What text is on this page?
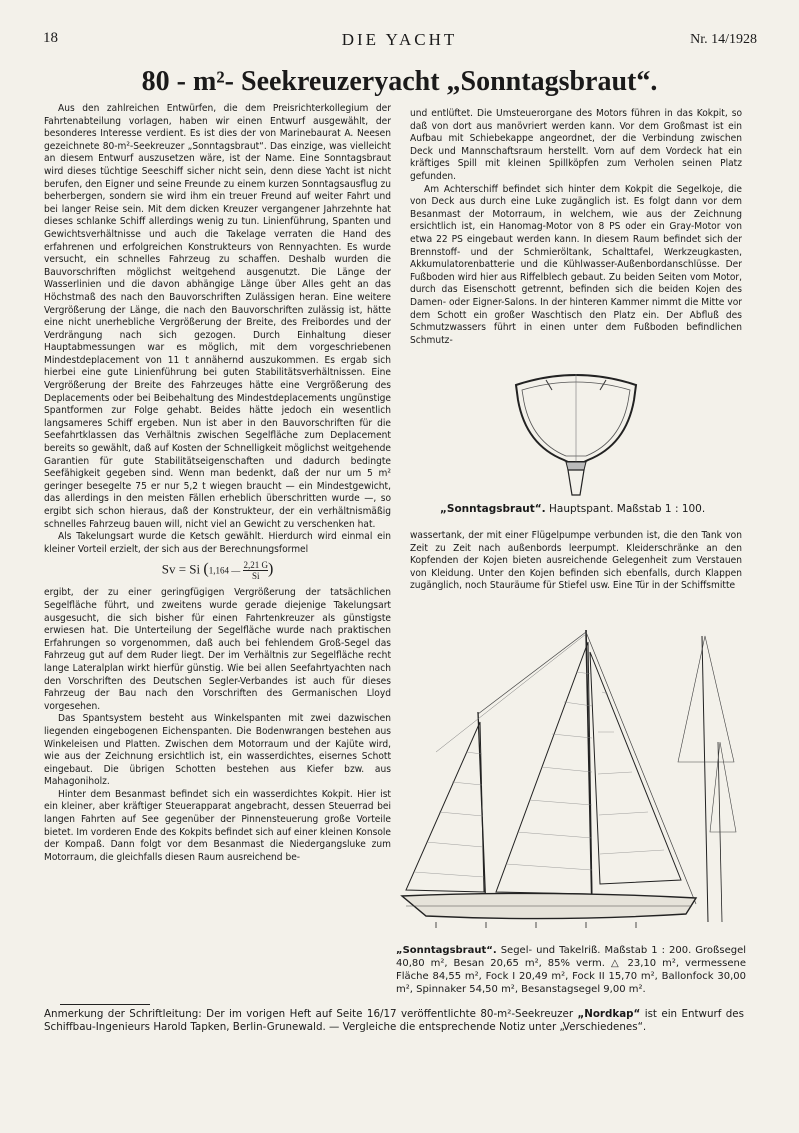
18	DIE YACHT	Nr. 14/1928
80 - m²- Seekreuzeryacht „Sonntagsbraut“.

Aus den zahlreichen Entwürfen, die dem Preisrichterkollegium der Fahrtenabteilung vorlagen, haben wir einen Entwurf ausgewählt, der besonderes Interesse verdient. Es ist dies der von Marinebaurat A. Neesen gezeichnete 80-m²-Seekreuzer „Sonntagsbraut“. Das einzige, was vielleicht an diesem Entwurf auszusetzen wäre, ist der Name. Eine Sonntagsbraut wird dieses tüchtige Seeschiff sicher nicht sein, denn diese Yacht ist nicht berufen, den Eigner und seine Freunde zu einem kurzen Sonntagsausflug zu beherbergen, sondern sie wird ihm ein treuer Freund auf weiter Fahrt und bei langer Reise sein. Mit dem dicken Kreuzer vergangener Jahrzehnte hat dieses schlanke Schiff allerdings wenig zu tun. Linienführung, Spanten und Gewichtsverhältnisse und auch die Takelage verraten die Hand des erfahrenen und erfolgreichen Konstrukteurs von Rennyachten. Es wurde versucht, ein schnelles Fahrzeug zu schaffen. Deshalb wurden die Bauvorschriften möglichst weitgehend ausgenutzt. Die Länge der Wasserlinien und die davon abhängige Länge über Alles geht an das Höchstmaß des nach den Bauvorschriften Zulässigen heran. Eine weitere Vergrößerung der Länge, die nach den Bauvorschriften zulässig ist, hätte eine nicht unerhebliche Vergrößerung der Breite, des Freibordes und der Verdrängung nach sich gezogen. Durch Einhaltung dieser Hauptabmessungen war es möglich, mit dem vorgeschriebenen Mindestdeplacement von 11 t annähernd auszukommen. Es ergab sich hierbei eine gute Linienführung bei guten Stabilitätsverhältnissen. Eine Vergrößerung der Breite des Fahrzeuges hätte eine Vergrößerung des Deplacements oder bei Beibehaltung des Mindestdeplacements ungünstige Spantformen zur Folge gehabt. Beides hätte jedoch ein wesentlich langsameres Schiff ergeben. Nun ist aber in den Bauvorschriften für die Seefahrtklassen das Verhältnis zwischen Segelfläche zum Deplacement bereits so gewählt, daß auf Kosten der Schnelligkeit möglichst weitgehende Garantien für gute Stabilitätseigenschaften und dadurch bedingte Seefähigkeit gegeben sind. Wenn man bedenkt, daß der nur um 5 m² geringer besegelte 75 er nur 5,2 t wiegen braucht — ein Mindestgewicht, das allerdings in den meisten Fällen erheblich überschritten wurde —, so ergibt sich schon hieraus, daß der Konstrukteur, der ein verhältnismäßig schnelles Fahrzeug bauen will, nicht viel an Gewicht zu verschenken hat.

Als Takelungsart wurde die Ketsch gewählt. Hierdurch wird einmal ein kleiner Vorteil erzielt, der sich aus der Berechnungsformel

Sv = Si (1,164 — $\frac{2,21 G}{Si}$ )

ergibt, der zu einer geringfügigen Vergrößerung der tatsächlichen Segelfläche führt, und zweitens wurde gerade diejenige Takelungsart ausgesucht, die sich bisher für einen Fahrtenkreuzer als günstigste erwiesen hat. Die Unterteilung der Segelfläche wurde nach praktischen Erfahrungen so vorgenommen, daß auch bei fehlendem Groß-Segel das Fahrzeug gut auf dem Ruder liegt. Der im Verhältnis zur Segelfläche recht lange Lateralplan wirkt hierfür günstig. Wie bei allen Seefahrtyachten nach den Vorschriften des Deutschen Segler-Verbandes ist auch für dieses Fahrzeug der Bau nach den Vorschriften des Germanischen Lloyd vorgesehen.

Das Spantsystem besteht aus Winkelspanten mit zwei dazwischen liegenden eingebogenen Eichenspanten. Die Bodenwrangen bestehen aus Winkeleisen und Platten. Zwischen dem Motorraum und der Kajüte wird, wie aus der Zeichnung ersichtlich ist, ein wasserdichtes, eisernes Schott eingebaut. Die übrigen Schotten bestehen aus Kiefer bzw. aus Mahagoniholz.

Hinter dem Besanmast befindet sich ein wasserdichtes Kokpit. Hier ist ein kleiner, aber kräftiger Steuerapparat angebracht, dessen Steuerrad bei langen Fahrten auf See gegenüber der Pinnensteuerung große Vorteile bietet. Im vorderen Ende des Kokpits befindet sich auf einer kleinen Konsole der Kompaß. Dann folgt vor dem Besanmast die Niedergangsluke zum Motorraum, die gleichfalls diesen Raum ausreichend be-

und entlüftet. Die Umsteuerorgane des Motors führen in das Kokpit, so daß von dort aus manövriert werden kann. Vor dem Großmast ist ein Aufbau mit Schiebekappe angeordnet, der die Verbindung zwischen Deck und Mannschaftsraum herstellt. Vorn auf dem Vordeck hat ein kräftiges Spill mit kleinen Spillköpfen zum Verholen seinen Platz gefunden.

Am Achterschiff befindet sich hinter dem Kokpit die Segelkoje, die von Deck aus durch eine Luke zugänglich ist. Es folgt dann vor dem Besanmast der Motorraum, in welchem, wie aus der Zeichnung ersichtlich ist, ein Hanomag-Motor von 8 PS oder ein Gray-Motor von etwa 22 PS eingebaut werden kann. In diesem Raum befindet sich der Brennstoff- und der Schmieröltank, Schalttafel, Werkzeugkasten, Akkumulatorenbatterie und die Kühlwasser-Außenbordanschlüsse. Der Fußboden wird hier aus Riffelblech gebaut. Zu beiden Seiten vom Motor, durch das Eisenschott getrennt, befinden sich die beiden Kojen des Damen- oder Eigner-Salons. In der hinteren Kammer nimmt die Mitte vor dem Schott ein großer Waschtisch den Platz ein. Der Abfluß des Schmutzwassers führt in einen unter dem Fußboden befindlichen Schmutz-

„Sonntagsbraut“. Hauptspant. Maßstab 1 : 100.

wassertank, der mit einer Flügelpumpe verbunden ist, die den Tank von Zeit zu Zeit nach außenbords leerpumpt. Kleiderschränke an den Kopfenden der Kojen bieten ausreichende Gelegenheit zum Verstauen von Kleidung. Unter den Kojen befinden sich ebenfalls, durch Klappen zugänglich, noch Stauräume für Stiefel usw. Eine Tür in der Schiffsmitte

„Sonntagsbraut“. Segel- und Takelriß. Maßstab 1 : 200. Großsegel 40,80 m², Besan 20,65 m², 85% verm. △ 23,10 m², vermessene Fläche 84,55 m², Fock I 20,49 m², Fock II 15,70 m², Ballonfock 30,00 m², Spinnaker 54,50 m², Besanstagsegel 9,00 m².
Anmerkung der Schriftleitung: Der im vorigen Heft auf Seite 16/17 veröffentlichte 80-m²-Seekreuzer „Nordkap“ ist ein Entwurf des Schiffbau-Ingenieurs Harold Tapken, Berlin-Grunewald. — Vergleiche die entsprechende Notiz unter „Verschiedenes“.
